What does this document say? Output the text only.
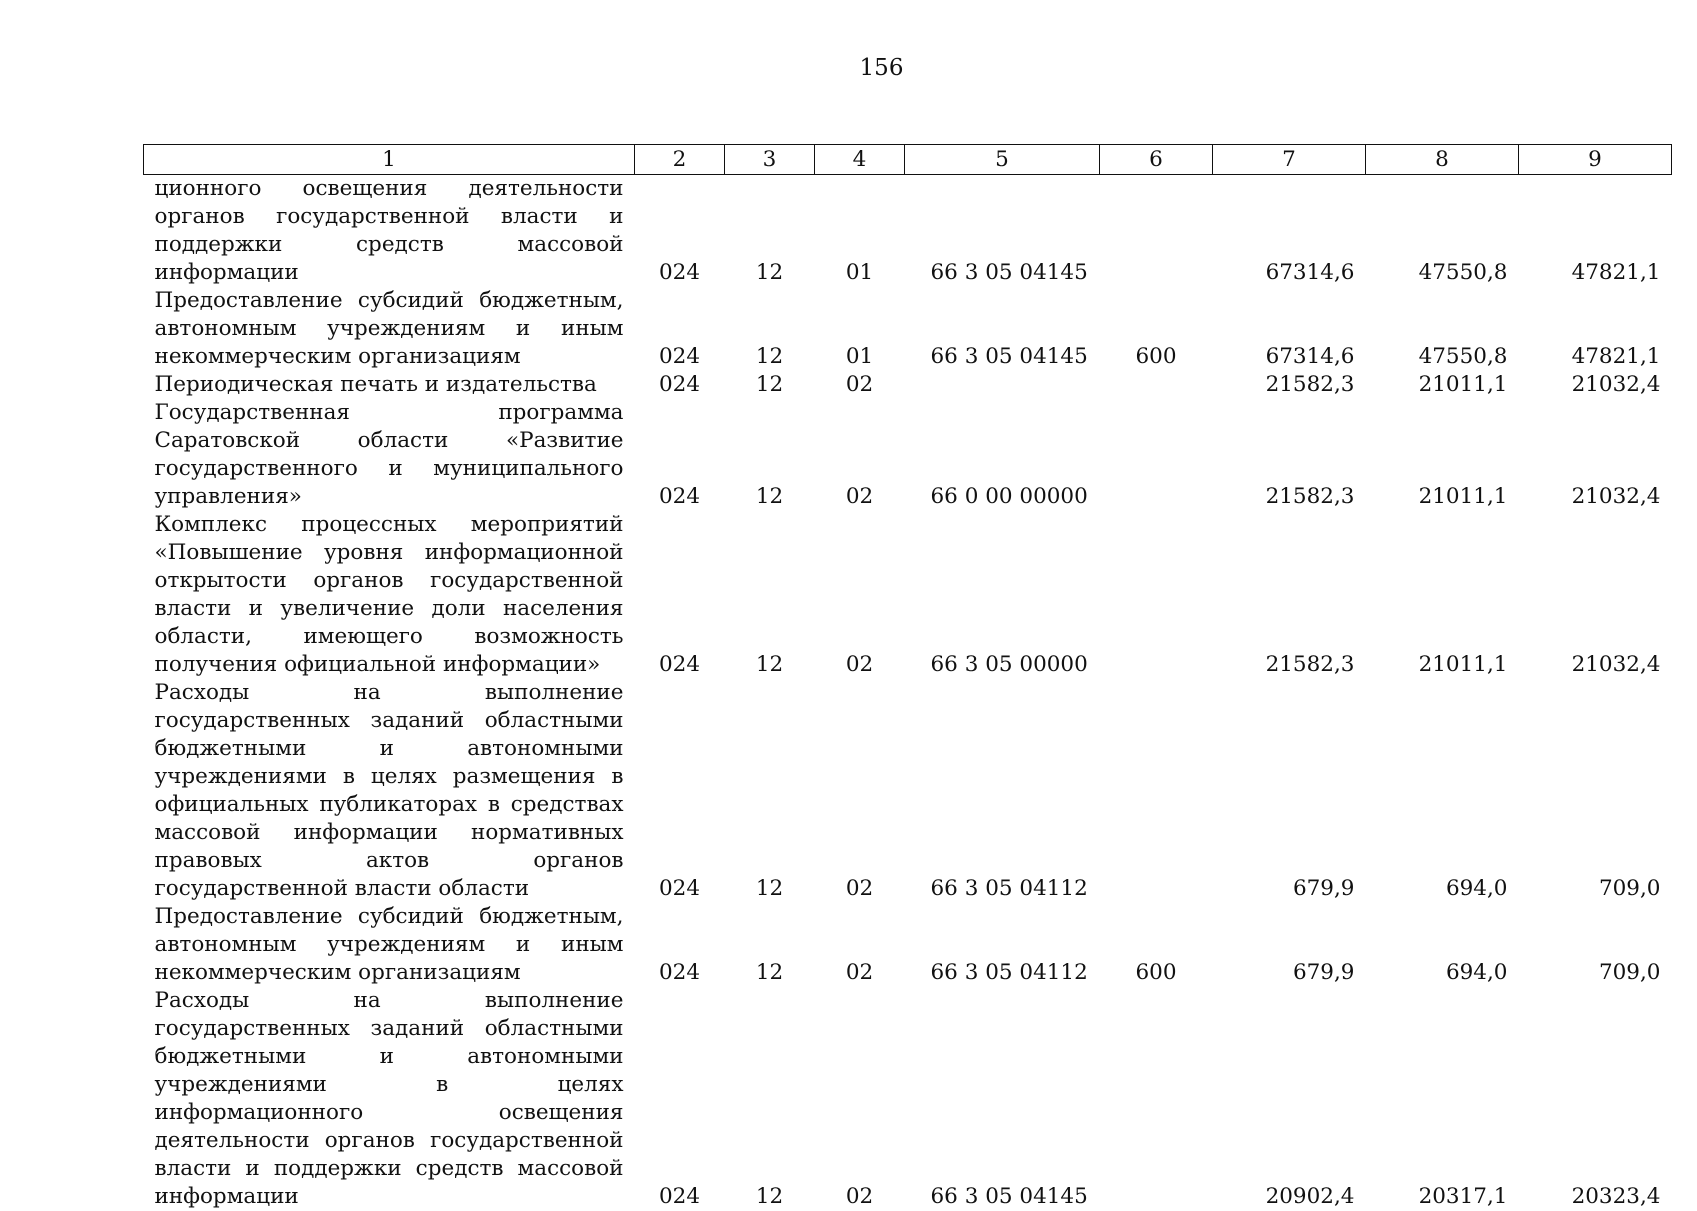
156
1	2	3	4	5	6	7	8	9
ционного освещения деятельности органов государственной власти и поддержки средств массовой информации	024	12	01	66 3 05 04145		67314,6	47550,8	47821,1
Предоставление субсидий бюджетным, автономным учреждениям и иным некоммерческим организациям	024	12	01	66 3 05 04145	600	67314,6	47550,8	47821,1
Периодическая печать и издательства	024	12	02			21582,3	21011,1	21032,4
Государственная программа Саратовской области «Развитие государственного и муниципального управления»	024	12	02	66 0 00 00000		21582,3	21011,1	21032,4
Комплекс процессных мероприятий «Повышение уровня информационной открытости органов государственной власти и увеличение доли населения области, имеющего возможность получения официальной информации»	024	12	02	66 3 05 00000		21582,3	21011,1	21032,4
Расходы на выполнение государственных заданий областными бюджетными и автономными учреждениями в целях размещения в официальных публикаторах в средствах массовой информации нормативных правовых актов органов государственной власти области	024	12	02	66 3 05 04112		679,9	694,0	709,0
Предоставление субсидий бюджетным, автономным учреждениям и иным некоммерческим организациям	024	12	02	66 3 05 04112	600	679,9	694,0	709,0
Расходы на выполнение государственных заданий областными бюджетными и автономными учреждениями в целях информационного освещения деятельности органов государственной власти и поддержки средств массовой информации	024	12	02	66 3 05 04145		20902,4	20317,1	20323,4
